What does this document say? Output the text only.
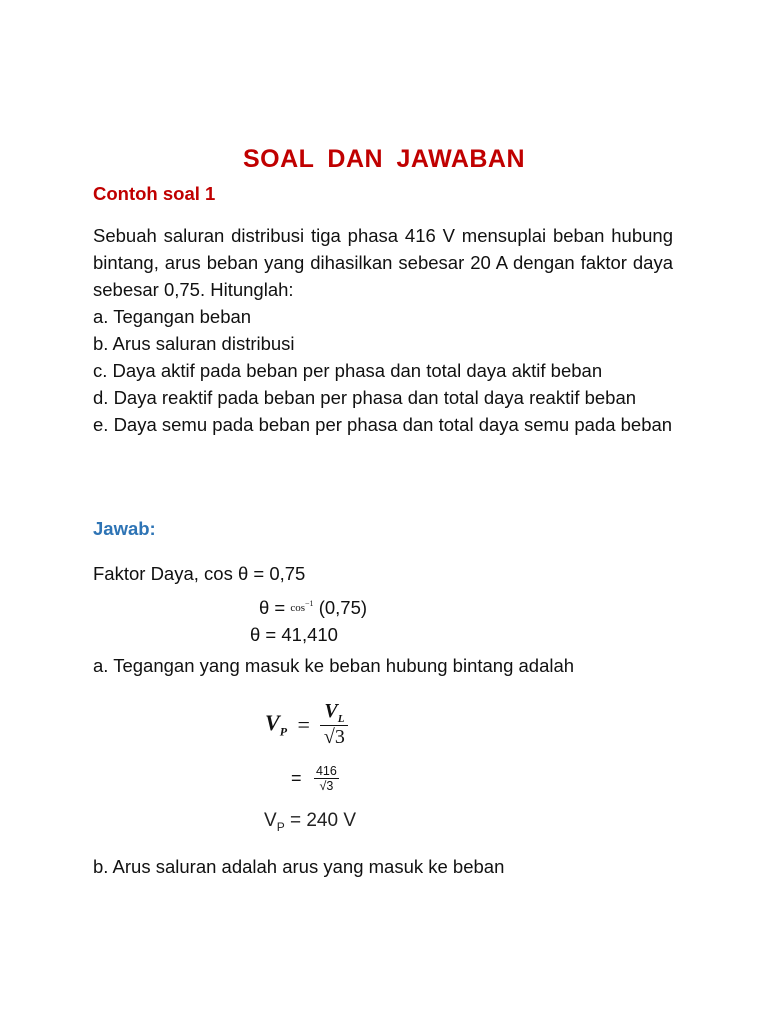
SOAL DAN JAWABAN
Contoh soal 1

Sebuah saluran distribusi tiga phasa 416 V mensuplai beban hubung bintang, arus beban yang dihasilkan sebesar 20 A dengan faktor daya sebesar 0,75. Hitunglah:

a. Tegangan beban
b. Arus saluran distribusi
c. Daya aktif pada beban per phasa dan total daya aktif beban
d. Daya reaktif pada beban per phasa dan total daya reaktif beban
e. Daya semu pada beban per phasa dan total daya semu pada beban
Jawab:
Faktor Daya, cos θ = 0,75
$\theta = \cos^{-1} (0,75)$
θ = 41,410
a. Tegangan yang masuk ke beban hubung bintang adalah
$V_P = \frac{V_L}{√3}$
= $\frac{416}{√3}$
$V_P = 240$ V
b. Arus saluran adalah arus yang masuk ke beban
